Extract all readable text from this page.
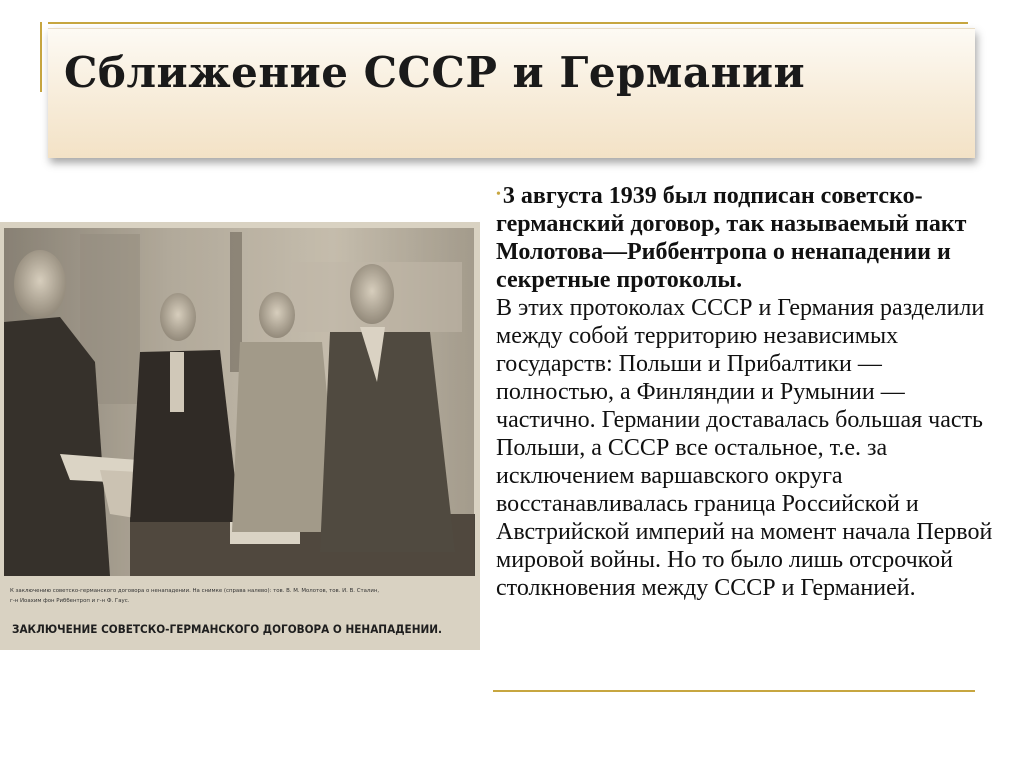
Сближение СССР и Германии
К заключению советско-германского договора о ненападении. На снимке (справа налево): тов. В. М. Молотов, тов. И. В. Сталин,
г-н Иоахим фон Риббентроп и г-н Ф. Гаус.
ЗАКЛЮЧЕНИЕ СОВЕТСКО-ГЕРМАНСКОГО ДОГОВОРА О НЕНАПАДЕНИИ.
•3 августа 1939 был подписан советско-германский договор, так называемый пакт Молотова—Риббентропа о ненападении и секретные протоколы.
В этих протоколах СССР и Германия разделили между собой территорию независимых государств: Польши и Прибалтики — полностью, а Финляндии и Румынии — частично. Германии доставалась большая часть Польши, а СССР все остальное, т.е. за исключением варшавского округа восстанавливалась граница Российской и Австрийской империй на момент начала Первой мировой войны. Но то было лишь отсрочкой столкновения между СССР и Германией.
